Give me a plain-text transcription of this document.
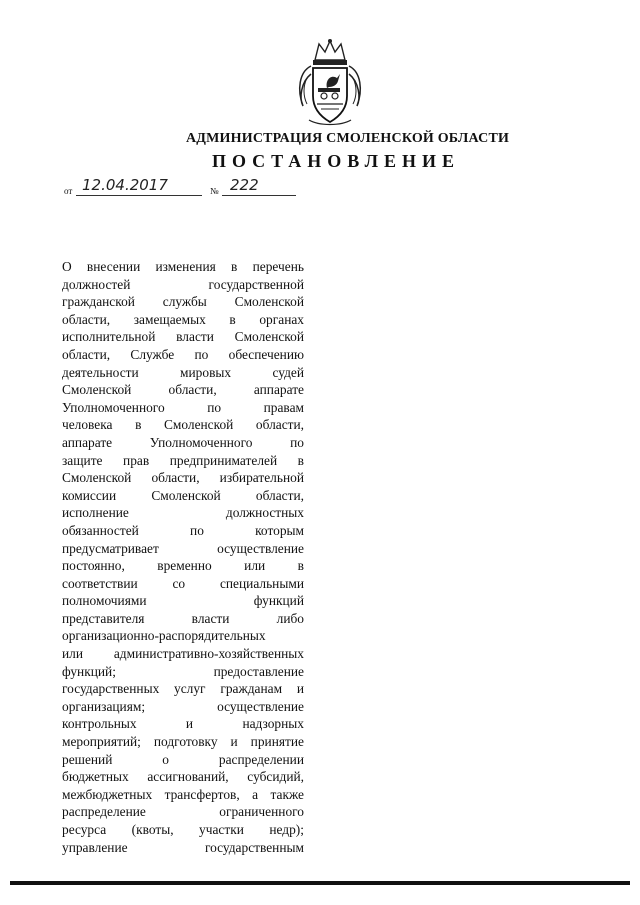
АДМИНИСТРАЦИЯ СМОЛЕНСКОЙ ОБЛАСТИ
ПОСТАНОВЛЕНИЕ
от 12.04.2017	№ 222
О внесении изменения в перечень
должностей государственной
гражданской службы Смоленской
области, замещаемых в органах
исполнительной власти Смоленской
области, Службе по обеспечению
деятельности мировых судей
Смоленской области, аппарате
Уполномоченного по правам
человека в Смоленской области,
аппарате Уполномоченного по
защите прав предпринимателей в
Смоленской области, избирательной
комиссии Смоленской области,
исполнение должностных
обязанностей по которым
предусматривает осуществление
постоянно, временно или в
соответствии со специальными
полномочиями функций
представителя власти либо
организационно-распорядительных
или административно-хозяйственных
функций; предоставление
государственных услуг гражданам и
организациям; осуществление
контрольных и надзорных
мероприятий; подготовку и принятие
решений о распределении
бюджетных ассигнований, субсидий,
межбюджетных трансфертов, а также
распределение ограниченного
ресурса (квоты, участки недр);
управление государственным
